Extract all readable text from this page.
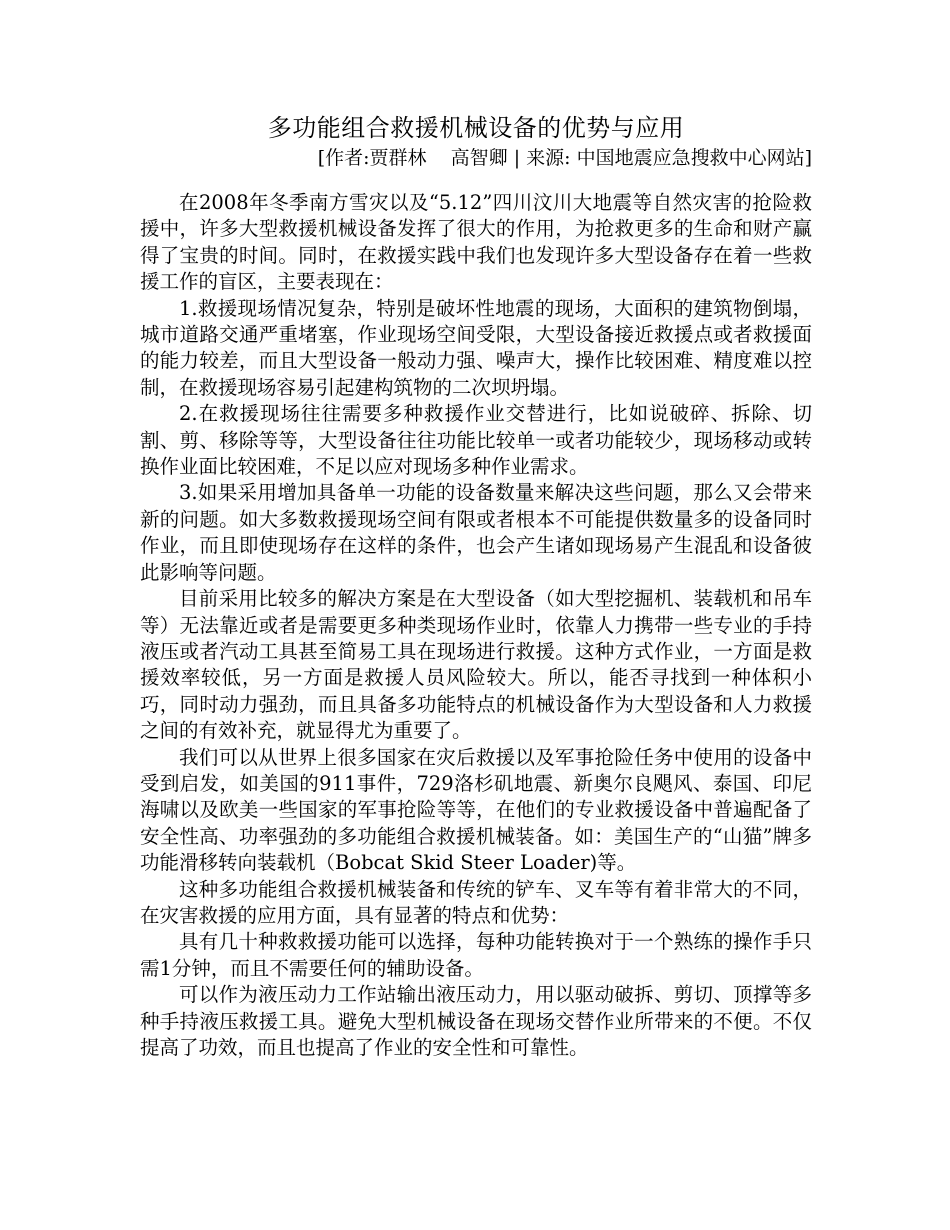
多功能组合救援机械设备的优势与应用
[作者:贾群林    高智卿 | 来源: 中国地震应急搜救中心网站]

在2008年冬季南方雪灾以及“5.12”四川汶川大地震等自然灾害的抢险救援中，许多大型救援机械设备发挥了很大的作用，为抢救更多的生命和财产赢得了宝贵的时间。同时，在救援实践中我们也发现许多大型设备存在着一些救援工作的盲区，主要表现在：

1.救援现场情况复杂，特别是破坏性地震的现场，大面积的建筑物倒塌，城市道路交通严重堵塞，作业现场空间受限，大型设备接近救援点或者救援面的能力较差，而且大型设备一般动力强、噪声大，操作比较困难、精度难以控制，在救援现场容易引起建构筑物的二次坝坍塌。

2.在救援现场往往需要多种救援作业交替进行，比如说破碎、拆除、切割、剪、移除等等，大型设备往往功能比较单一或者功能较少，现场移动或转换作业面比较困难，不足以应对现场多种作业需求。

3.如果采用增加具备单一功能的设备数量来解决这些问题，那么又会带来新的问题。如大多数救援现场空间有限或者根本不可能提供数量多的设备同时作业，而且即使现场存在这样的条件，也会产生诸如现场易产生混乱和设备彼此影响等问题。

目前采用比较多的解决方案是在大型设备（如大型挖掘机、装载机和吊车等）无法靠近或者是需要更多种类现场作业时，依靠人力携带一些专业的手持液压或者汽动工具甚至简易工具在现场进行救援。这种方式作业，一方面是救援效率较低，另一方面是救援人员风险较大。所以，能否寻找到一种体积小巧，同时动力强劲，而且具备多功能特点的机械设备作为大型设备和人力救援之间的有效补充，就显得尤为重要了。

我们可以从世界上很多国家在灾后救援以及军事抢险任务中使用的设备中受到启发，如美国的911事件，729洛杉矶地震、新奥尔良飓风、泰国、印尼海啸以及欧美一些国家的军事抢险等等，在他们的专业救援设备中普遍配备了安全性高、功率强劲的多功能组合救援机械装备。如：美国生产的“山猫”牌多功能滑移转向装载机（Bobcat Skid Steer Loader)等。

这种多功能组合救援机械装备和传统的铲车、叉车等有着非常大的不同，在灾害救援的应用方面，具有显著的特点和优势：

具有几十种救救援功能可以选择，每种功能转换对于一个熟练的操作手只需1分钟，而且不需要任何的辅助设备。

可以作为液压动力工作站输出液压动力，用以驱动破拆、剪切、顶撑等多种手持液压救援工具。避免大型机械设备在现场交替作业所带来的不便。不仅提高了功效，而且也提高了作业的安全性和可靠性。
